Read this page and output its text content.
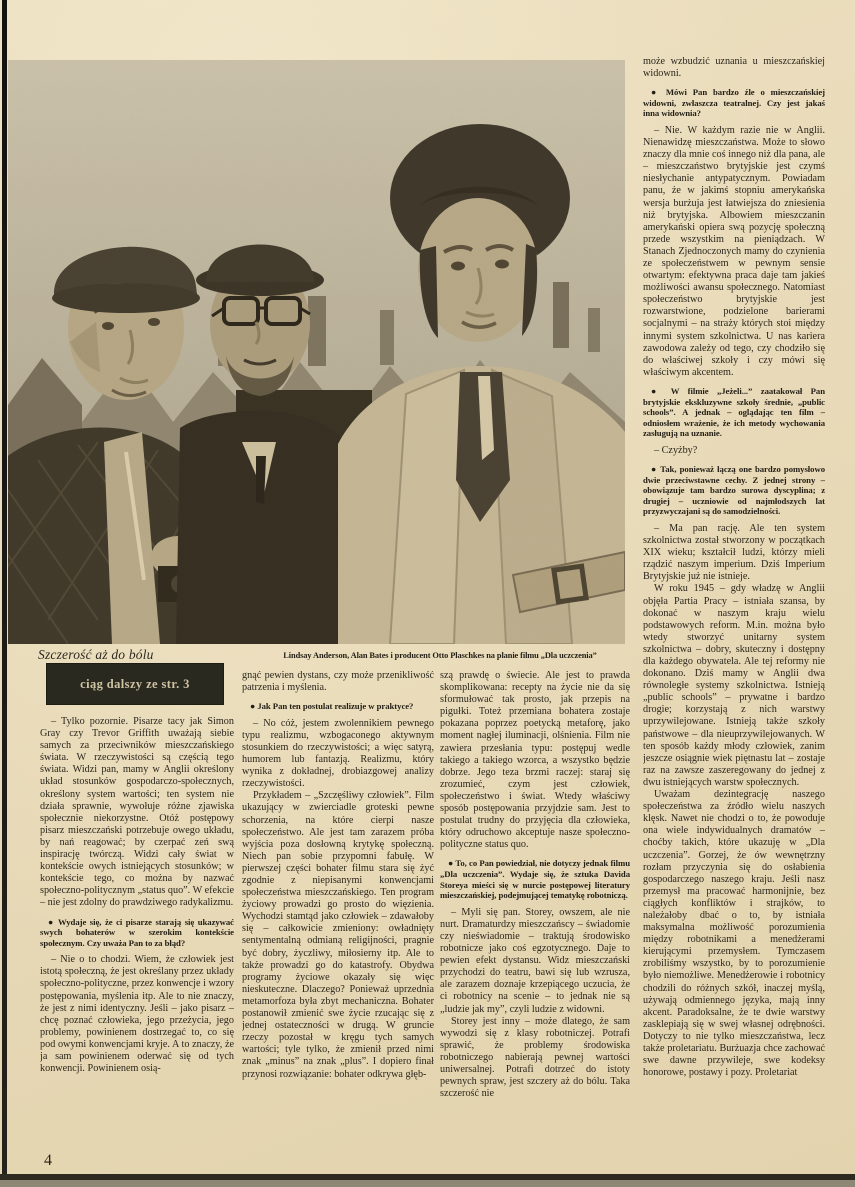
Szczerość aż do bólu	Lindsay Anderson, Alan Bates i producent Otto Plaschkes na planie filmu „Dla uczczenia”
ciąg dalszy ze str. 3

– Tylko pozornie. Pisarze tacy jak Simon Gray czy Trevor Griffith uważają siebie samych za przeciwników mieszczańskiego świata. W rzeczywistości są częścią tego świata. Widzi pan, mamy w Anglii określony układ stosunków gospodarczo-społecznych, określony system wartości; ten system nie działa sprawnie, wywołuje różne zjawiska społecznie niekorzystne. Otóż postępowy pisarz mieszczański potrzebuje owego układu, by nań reagować; by czerpać zeń swą inspirację twórczą. Widzi cały świat w kontekście owych istniejących stosunków; w kontekście tego, co można by nazwać społeczno-politycznym „status quo”. W efekcie – nie jest zdolny do prawdziwego radykalizmu.

● Wydaje się, że ci pisarze starają się ukazywać swych bohaterów w szerokim kontekście społecznym. Czy uważa Pan to za błąd?

– Nie o to chodzi. Wiem, że człowiek jest istotą społeczną, że jest określany przez układy społeczno-polityczne, przez konwencje i wzory postępowania, myślenia itp. Ale to nie znaczy, że jest z nimi identyczny. Jeśli – jako pisarz – chcę poznać człowieka, jego przeżycia, jego problemy, powinienem dostrzegać to, co się pod owymi konwencjami kryje. A to znaczy, że ja sam powinienem oderwać się od tych konwencji. Powinienem osią-

gnąć pewien dystans, czy może przenikliwość patrzenia i myślenia.

● Jak Pan ten postulat realizuje w praktyce?

– No cóż, jestem zwolennikiem pewnego typu realizmu, wzbogaconego aktywnym stosunkiem do rzeczywistości; a więc satyrą, humorem lub fantazją. Realizmu, który wynika z dokładnej, drobiazgowej analizy rzeczywistości.

Przykładem – „Szczęśliwy człowiek”. Film ukazujący w zwierciadle groteski pewne schorzenia, na które cierpi nasze społeczeństwo. Ale jest tam zarazem próba wyjścia poza dosłowną krytykę społeczną. Niech pan sobie przypomni fabułę. W pierwszej części bohater filmu stara się żyć zgodnie z niepisanymi konwencjami społeczeństwa mieszczańskiego. Ten program życiowy prowadzi go prosto do więzienia. Wychodzi stamtąd jako człowiek – zdawałoby się – całkowicie zmieniony: owładnięty sentymentalną odmianą religijności, pragnie być dobry, życzliwy, miłosierny itp. Ale to także prowadzi go do katastrofy. Obydwa programy życiowe okazały się więc nieskuteczne. Dlaczego? Ponieważ uprzednia metamorfoza była zbyt mechaniczna. Bohater postanowił zmienić swe życie rzucając się z jednej ostateczności w drugą. W gruncie rzeczy pozostał w kręgu tych samych wartości; tyle tylko, że zmienił przed nimi znak „minus” na znak „plus”. I dopiero finał przynosi rozwiązanie: bohater odkrywa głęb-

szą prawdę o świecie. Ale jest to prawda skomplikowana: recepty na życie nie da się sformułować tak prosto, jak przepis na pigułki. Toteż przemiana bohatera zostaje pokazana poprzez poetycką metaforę, jako moment nagłej iluminacji, olśnienia. Film nie zawiera przesłania typu: postępuj wedle takiego a takiego wzorca, a wszystko będzie dobrze. Jego teza brzmi raczej: staraj się zrozumieć, czym jest człowiek, społeczeństwo i świat. Wtedy właściwy sposób postępowania przyjdzie sam. Jest to postulat trudny do przyjęcia dla człowieka, który odruchowo akceptuje nasze społeczno-polityczne status quo.

● To, co Pan powiedział, nie dotyczy jednak filmu „Dla uczczenia”. Wydaje się, że sztuka Davida Storeya mieści się w nurcie postępowej literatury mieszczańskiej, podejmującej tematykę robotniczą.

– Myli się pan. Storey, owszem, ale nie nurt. Dramaturdzy mieszczańscy – świadomie czy nieświadomie – traktują środowisko robotnicze jako coś egzotycznego. Daje to pewien efekt dystansu. Widz mieszczański przychodzi do teatru, bawi się lub wzrusza, ale zarazem doznaje krzepiącego uczucia, że ci robotnicy na scenie – to jednak nie są „ludzie jak my”, czyli ludzie z widowni.

Storey jest inny – może dlatego, że sam wywodzi się z klasy robotniczej. Potrafi sprawić, że problemy środowiska robotniczego nabierają pewnej wartości uniwersalnej. Potrafi dotrzeć do istoty pewnych spraw, jest szczery aż do bólu. Taka szczerość nie

może wzbudzić uznania u mieszczańskiej widowni.

● Mówi Pan bardzo źle o mieszczańskiej widowni, zwłaszcza teatralnej. Czy jest jakaś inna widownia?

– Nie. W każdym razie nie w Anglii. Nienawidzę mieszczaństwa. Może to słowo znaczy dla mnie coś innego niż dla pana, ale – mieszczaństwo brytyjskie jest czymś niesłychanie antypatycznym. Powiadam panu, że w jakimś stopniu amerykańska wersja burżuja jest łatwiejsza do zniesienia niż brytyjska. Albowiem mieszczanin amerykański opiera swą pozycję społeczną przede wszystkim na pieniądzach. W Stanach Zjednoczonych mamy do czynienia ze społeczeństwem w pewnym sensie otwartym: efektywna praca daje tam jakieś możliwości awansu społecznego. Natomiast społeczeństwo brytyjskie jest rozwarstwione, podzielone barierami socjalnymi – na straży których stoi między innymi system szkolnictwa. U nas kariera zawodowa zależy od tego, czy chodziło się do właściwej szkoły i czy mówi się właściwym akcentem.

● W filmie „Jeżeli...” zaatakował Pan brytyjskie ekskluzywne szkoły średnie, „public schools”. A jednak – oglądając ten film – odniosłem wrażenie, że ich metody wychowania zasługują na uznanie.

– Czyżby?

● Tak, ponieważ łączą one bardzo pomysłowo dwie przeciwstawne cechy. Z jednej strony – obowiązuje tam bardzo surowa dyscyplina; z drugiej – uczniowie od najmłodszych lat przyzwyczajani są do samodzielności.

– Ma pan rację. Ale ten system szkolnictwa został stworzony w początkach XIX wieku; kształcił ludzi, którzy mieli rządzić naszym imperium. Dziś Imperium Brytyjskie już nie istnieje.

W roku 1945 – gdy władzę w Anglii objęła Partia Pracy – istniała szansa, by dokonać w naszym kraju wielu podstawowych reform. M.in. można było wtedy stworzyć unitarny system szkolnictwa – dobry, skuteczny i dostępny dla każdego obywatela. Ale tej reformy nie dokonano. Dziś mamy w Anglii dwa równoległe systemy szkolnictwa. Istnieją „public schools” – prywatne i bardzo drogie; korzystają z nich warstwy uprzywilejowane. Istnieją także szkoły państwowe – dla nieuprzywilejowanych. W ten sposób każdy młody człowiek, zanim jeszcze osiągnie wiek piętnastu lat – zostaje raz na zawsze zaszeregowany do jednej z dwu istniejących warstw społecznych.

Uważam dezintegrację naszego społeczeństwa za źródło wielu naszych klęsk. Nawet nie chodzi o to, że powoduje ona wiele indywidualnych dramatów – choćby takich, które ukazuję w „Dla uczczenia”. Gorzej, że ów wewnętrzny rozłam przyczynia się do osłabienia gospodarczego naszego kraju. Jeśli nasz przemysł ma pracować harmonijnie, bez ciągłych konfliktów i strajków, to należałoby dbać o to, by istniała maksymalna możliwość porozumienia między robotnikami a menedżerami kierującymi przemysłem. Tymczasem zrobiliśmy wszystko, by to porozumienie było niemożliwe. Menedżerowie i robotnicy chodzili do różnych szkół, inaczej myślą, używają odmiennego języka, mają inny akcent. Paradoksalne, że te dwie warstwy zasklepiają się w swej własnej odrębności. Dotyczy to nie tylko mieszczaństwa, lecz także proletariatu. Burżuazja chce zachować swe dawne przywileje, swe kodeksy honorowe, postawy i pozy. Proletariat

4
